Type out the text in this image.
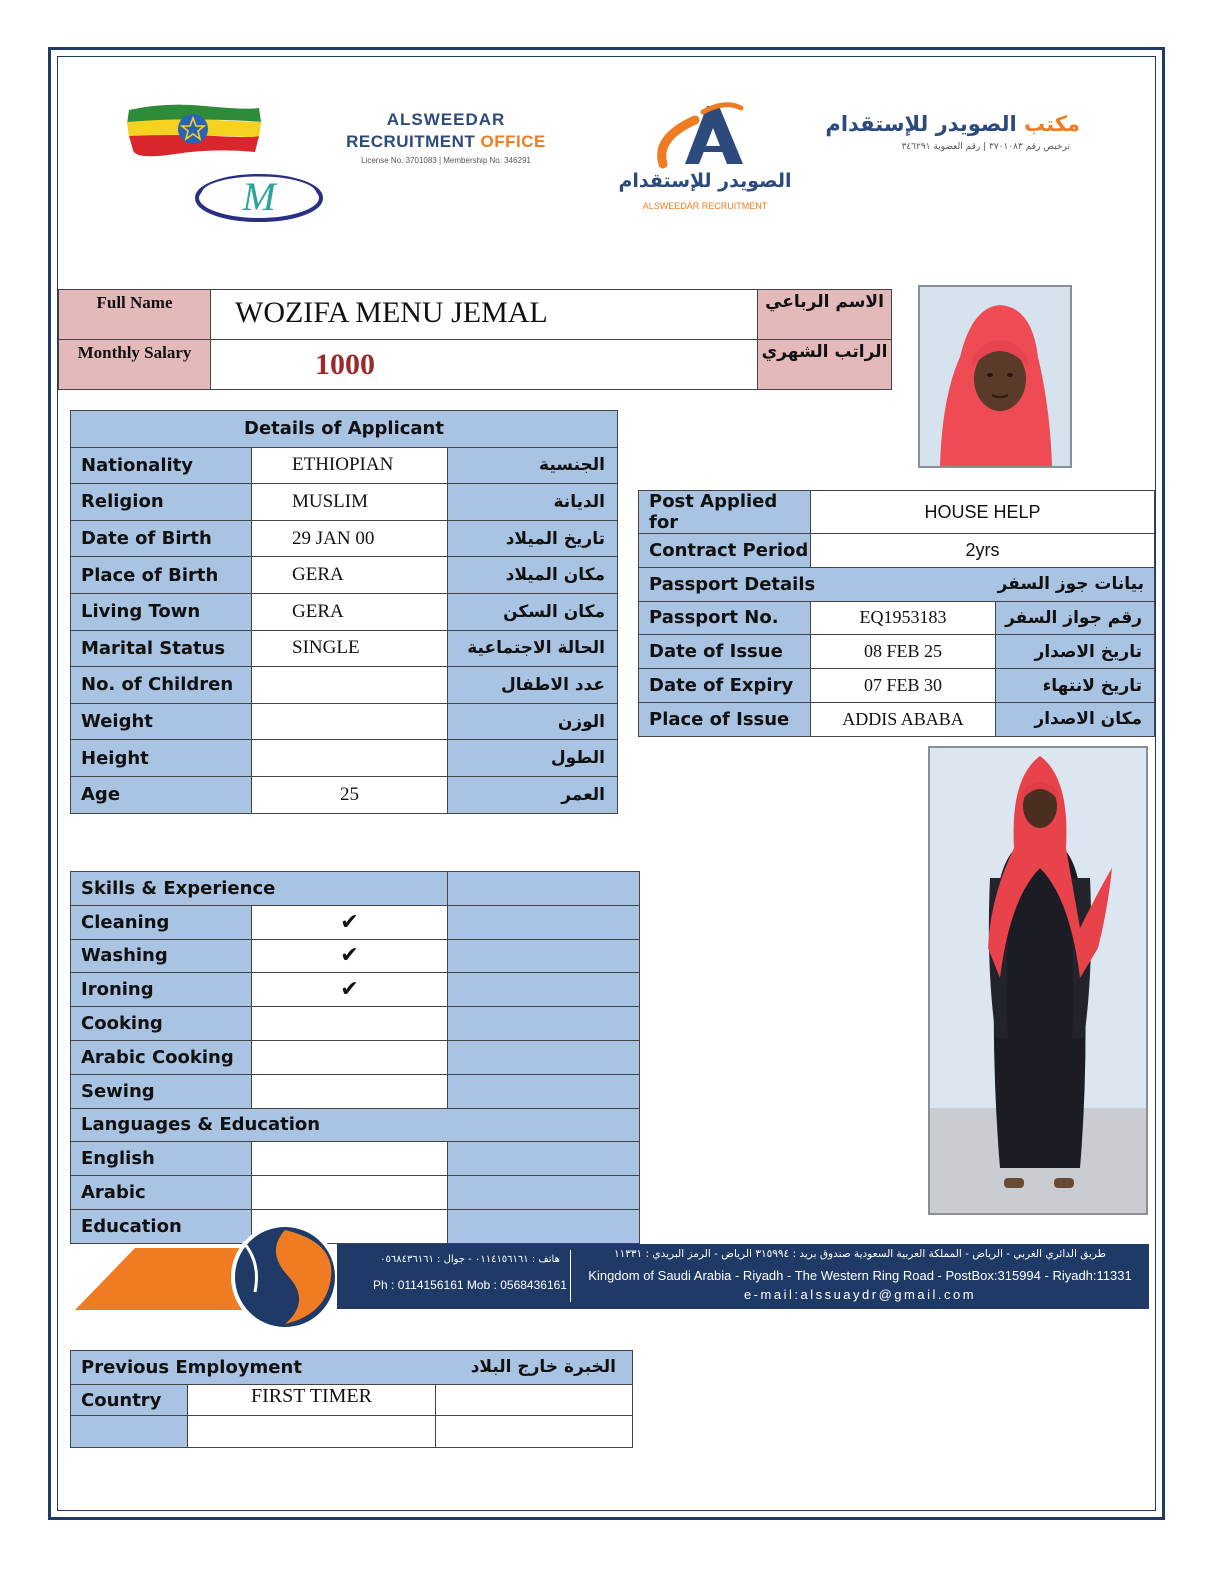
M
ALSWEEDAR
RECRUITMENT OFFICE
License No. 3701083 | Membership No. 346291
الصويدر للإستقدام
ALSWEEDAR RECRUITMENT
مكتب الصويدر للإستقدام
ترخيص رقم ٣٧٠١٠٨٣ | رقم العضوية ٣٤٦٢٩١
Full Name	WOZIFA MENU JEMAL	الاسم الرباعي
Monthly Salary	1000	الراتب الشهري
Details of Applicant		
Nationality	ETHIOPIAN	الجنسية
Religion	MUSLIM	الديانة
Date of Birth	29 JAN 00	تاريخ الميلاد
Place of Birth	GERA	مكان الميلاد
Living Town	GERA	مكان السكن
Marital Status	SINGLE	الحالة الاجتماعية
No. of Children		عدد الاطفال
Weight		الوزن
Height		الطول
Age	25	العمر
Post Applied for	HOUSE HELP	
Contract Period	2yrs	
Passport Details بيانات جوز السفر		

Passport No.	EQ1953183	رقم جواز السفر
Date of Issue	08 FEB 25	تاريخ الاصدار
Date of Expiry	07 FEB 30	تاريخ لانتهاء
Place of Issue	ADDIS ABABA	مكان الاصدار
Skills & Experience		
Cleaning	✔	
Washing	✔	
Ironing	✔	
Cooking		
Arabic Cooking		
Sewing		
Languages & Education		
English		
Arabic		
Education		
هاتف : ٠١١٤١٥٦١٦١ - جوال : ٠٥٦٨٤٣٦١٦١
Ph : 0114156161 Mob : 0568436161
طريق الدائري الغربي - الرياض - المملكة العربية السعودية صندوق بريد : ٣١٥٩٩٤ الرياض - الرمز البريدي : ١١٣٣١
Kingdom of Saudi Arabia - Riyadh - The Western Ring Road - PostBox:315994 - Riyadh:11331
e-mail:alssuaydr@gmail.com
Previous Employment الخبرة خارج البلاد		

Country	FIRST TIMER	
